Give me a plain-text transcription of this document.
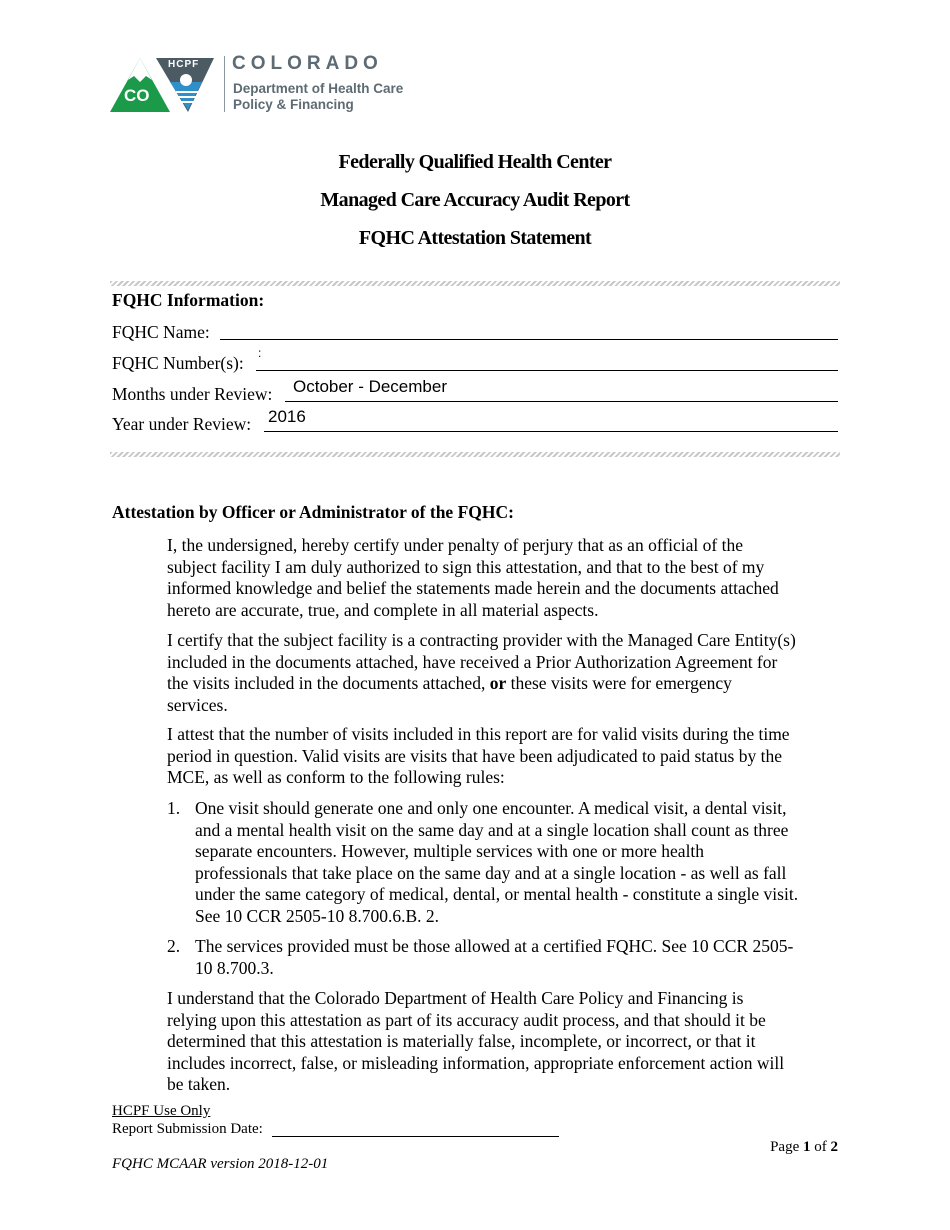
CO
HCPF COLORADO
Department of Health Care
Policy & Financing
Federally Qualified Health Center
Managed Care Accuracy Audit Report
FQHC Attestation Statement
FQHC Information:
FQHC Name:
FQHC Number(s): :
Months under Review: October - December
Year under Review: 2016
Attestation by Officer or Administrator of the FQHC:
I, the undersigned, hereby certify under penalty of perjury that as an official of the
subject facility I am duly authorized to sign this attestation, and that to the best of my
informed knowledge and belief the statements made herein and the documents attached
hereto are accurate, true, and complete in all material aspects.
I certify that the subject facility is a contracting provider with the Managed Care Entity(s)
included in the documents attached, have received a Prior Authorization Agreement for
the visits included in the documents attached, or these visits were for emergency
services.
I attest that the number of visits included in this report are for valid visits during the time
period in question. Valid visits are visits that have been adjudicated to paid status by the
MCE, as well as conform to the following rules:
1. One visit should generate one and only one encounter. A medical visit, a dental visit,
and a mental health visit on the same day and at a single location shall count as three
separate encounters. However, multiple services with one or more health
professionals that take place on the same day and at a single location - as well as fall
under the same category of medical, dental, or mental health - constitute a single visit.
See 10 CCR 2505-10 8.700.6.B. 2.
2. The services provided must be those allowed at a certified FQHC. See 10 CCR 2505-
10 8.700.3.
I understand that the Colorado Department of Health Care Policy and Financing is
relying upon this attestation as part of its accuracy audit process, and that should it be
determined that this attestation is materially false, incomplete, or incorrect, or that it
includes incorrect, false, or misleading information, appropriate enforcement action will
be taken.
HCPF Use Only
Report Submission Date:
Page 1 of 2
FQHC MCAAR version 2018-12-01
